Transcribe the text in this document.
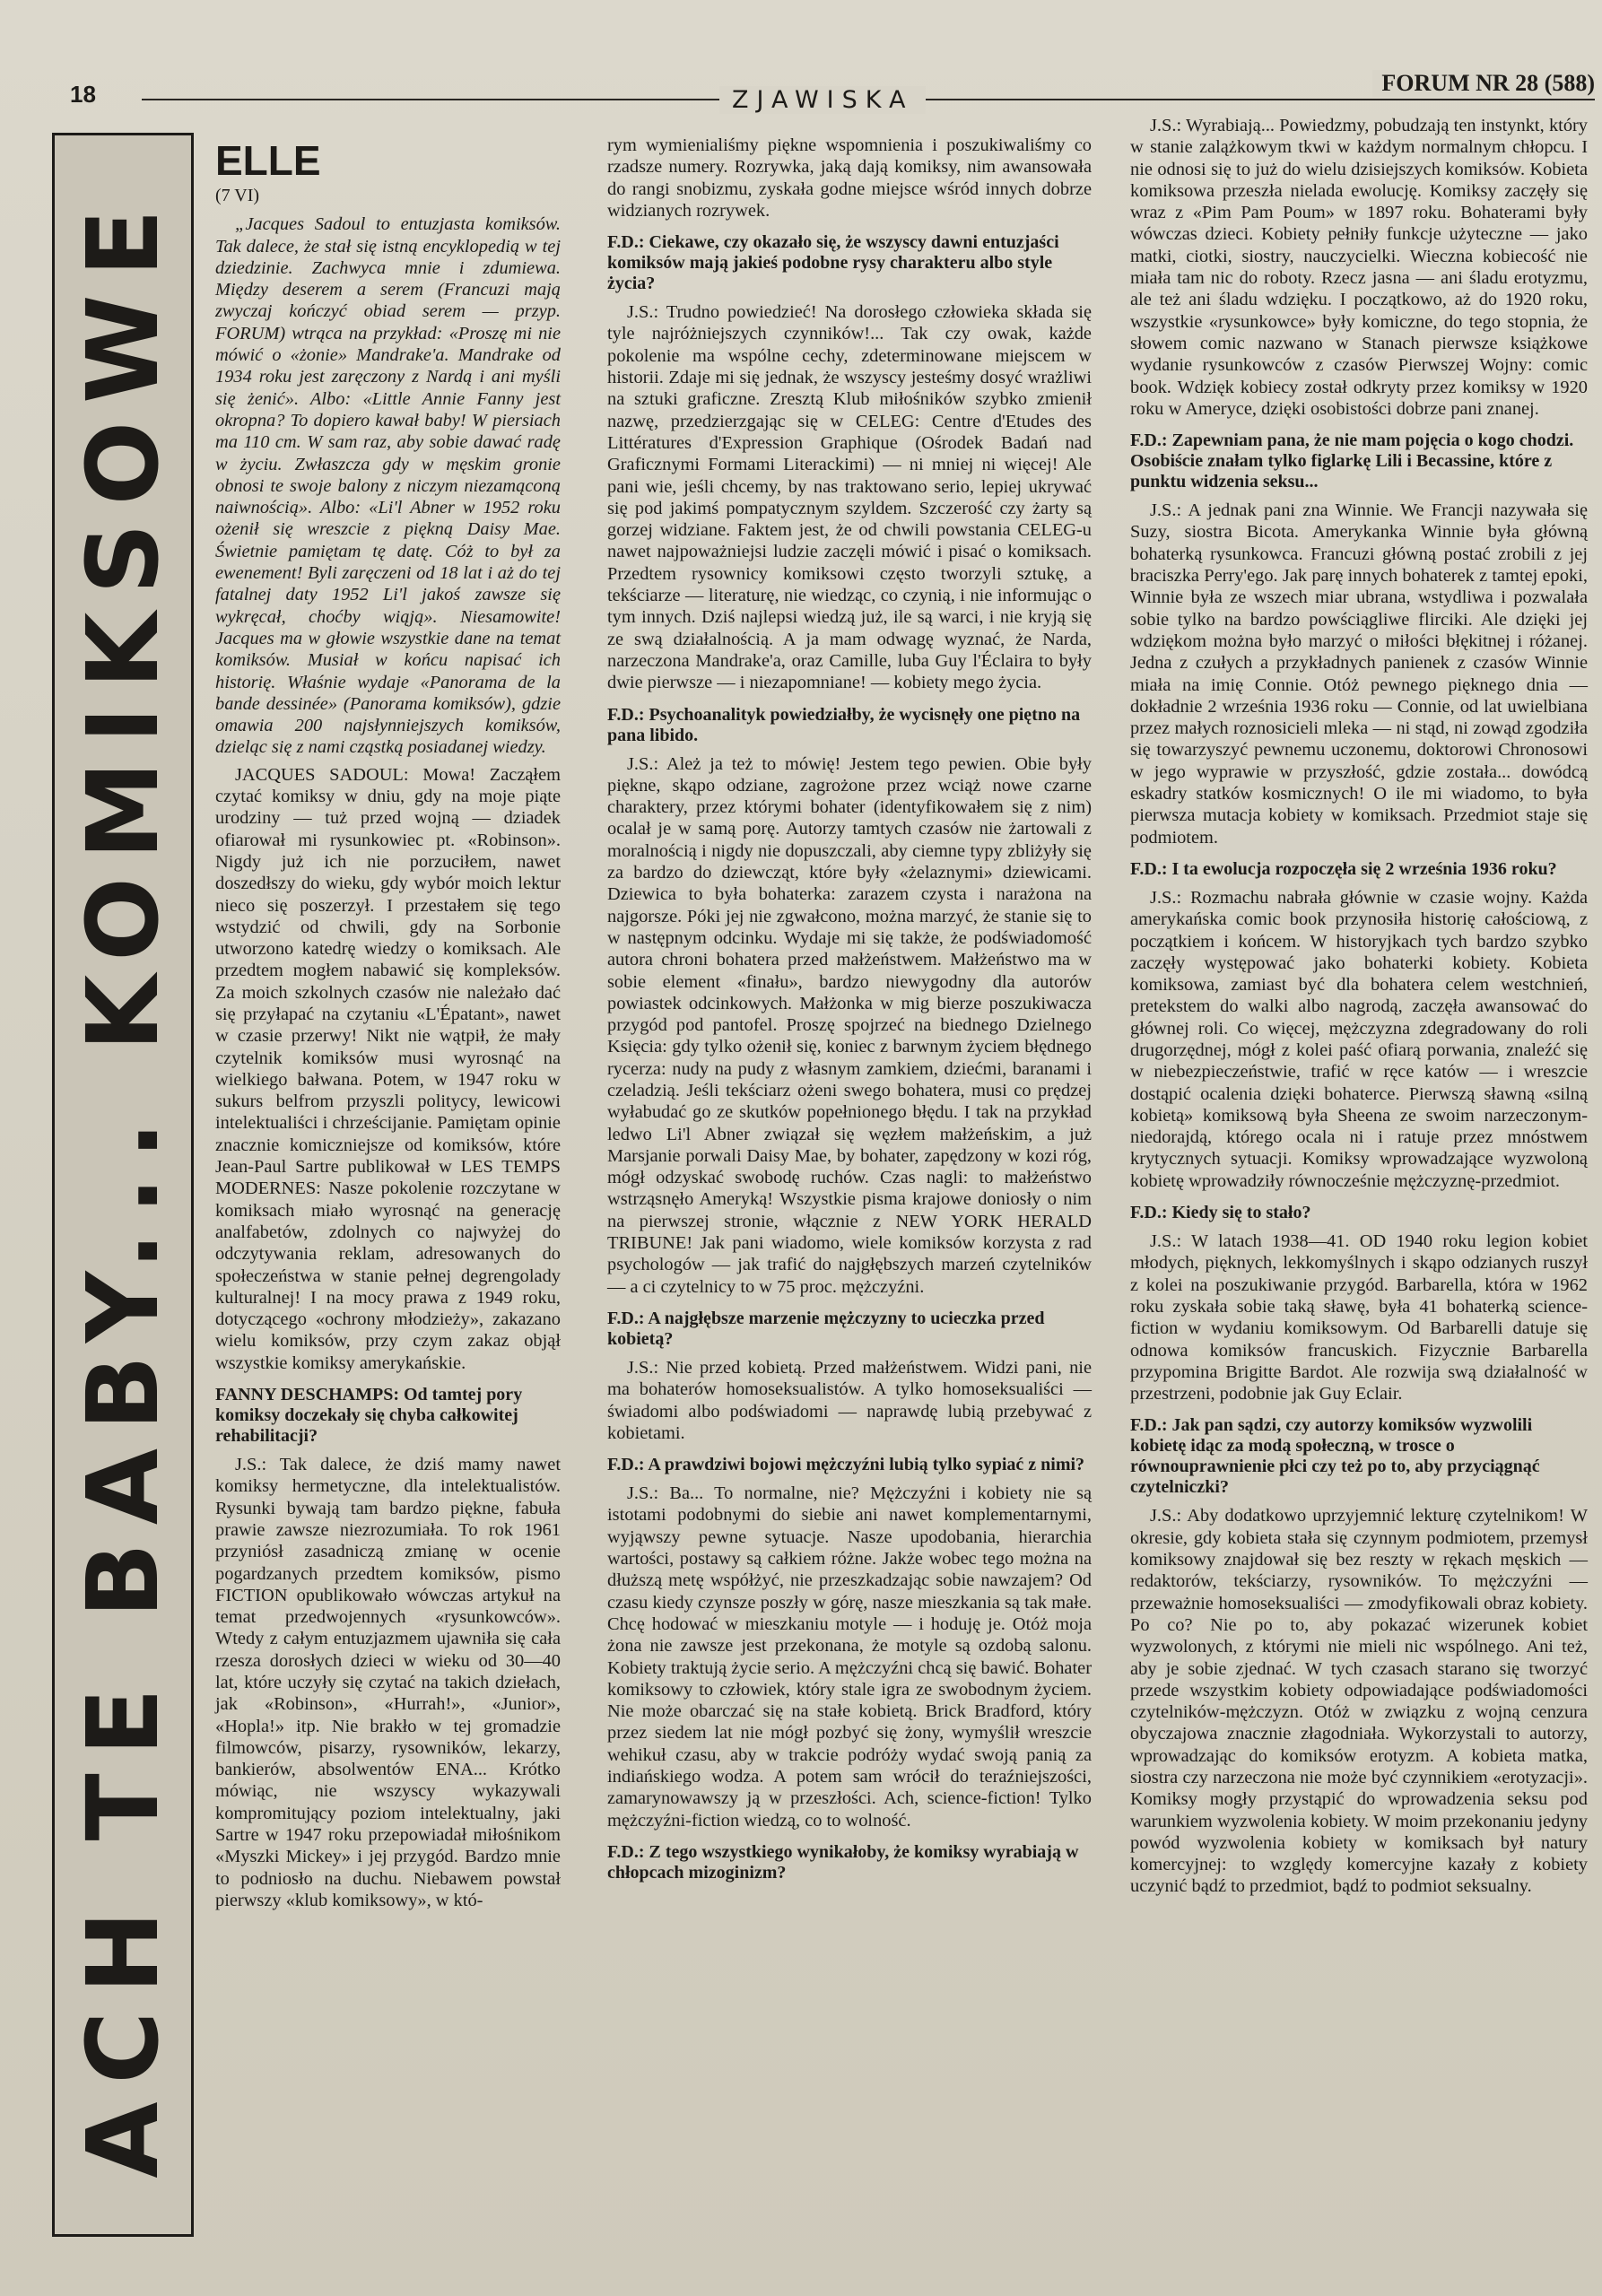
18	ZJAWISKA
FORUM NR 28 (588)
ACH TE BABY... KOMIKSOWE
ELLE
(7 VI)

„Jacques Sadoul to entuzjasta komiksów. Tak dalece, że stał się istną encyklopedią w tej dziedzinie. Zachwyca mnie i zdumiewa. Między deserem a serem (Francuzi mają zwyczaj kończyć obiad serem — przyp. FORUM) wtrąca na przykład: «Proszę mi nie mówić o «żonie» Mandrake'a. Mandrake od 1934 roku jest zaręczony z Nardą i ani myśli się żenić». Albo: «Little Annie Fanny jest okropna? To dopiero kawał baby! W piersiach ma 110 cm. W sam raz, aby sobie dawać radę w życiu. Zwłaszcza gdy w męskim gronie obnosi te swoje balony z niczym niezamąconą naiwnością». Albo: «Li'l Abner w 1952 roku ożenił się wreszcie z piękną Daisy Mae. Świetnie pamiętam tę datę. Cóż to był za ewenement! Byli zaręczeni od 18 lat i aż do tej fatalnej daty 1952 Li'l jakoś zawsze się wykręcał, choćby wiąją». Niesamowite! Jacques ma w głowie wszystkie dane na temat komiksów. Musiał w końcu napisać ich historię. Właśnie wydaje «Panorama de la bande dessinée» (Panorama komiksów), gdzie omawia 200 najsłynniejszych komiksów, dzieląc się z nami cząstką posiadanej wiedzy.

JACQUES SADOUL: Mowa! Zacząłem czytać komiksy w dniu, gdy na moje piąte urodziny — tuż przed wojną — dziadek ofiarował mi rysunkowiec pt. «Robinson». Nigdy już ich nie porzuciłem, nawet doszedłszy do wieku, gdy wybór moich lektur nieco się poszerzył. I przestałem się tego wstydzić od chwili, gdy na Sorbonie utworzono katedrę wiedzy o komiksach. Ale przedtem mogłem nabawić się kompleksów. Za moich szkolnych czasów nie należało dać się przyłapać na czytaniu «L'Épatant», nawet w czasie przerwy! Nikt nie wątpił, że mały czytelnik komiksów musi wyrosnąć na wielkiego bałwana. Potem, w 1947 roku w sukurs belfrom przyszli politycy, lewicowi intelektualiści i chrześcijanie. Pamiętam opinie znacznie komiczniejsze od komiksów, które Jean-Paul Sartre publikował w LES TEMPS MODERNES: Nasze pokolenie rozczytane w komiksach miało wyrosnąć na generację analfabetów, zdolnych co najwyżej do odczytywania reklam, adresowanych do społeczeństwa w stanie pełnej degrengolady kulturalnej! I na mocy prawa z 1949 roku, dotyczącego «ochrony młodzieży», zakazano wielu komiksów, przy czym zakaz objął wszystkie komiksy amerykańskie.

FANNY DESCHAMPS: Od tamtej pory komiksy doczekały się chyba całkowitej rehabilitacji?

J.S.: Tak dalece, że dziś mamy nawet komiksy hermetyczne, dla intelektualistów. Rysunki bywają tam bardzo piękne, fabuła prawie zawsze niezrozumiała. To rok 1961 przyniósł zasadniczą zmianę w ocenie pogardzanych przedtem komiksów, pismo FICTION opublikowało wówczas artykuł na temat przedwojennych «rysunkowców». Wtedy z całym entuzjazmem ujawniła się cała rzesza dorosłych dzieci w wieku od 30—40 lat, które uczyły się czytać na takich dziełach, jak «Robinson», «Hurrah!», «Junior», «Hopla!» itp. Nie brakło w tej gromadzie filmowców, pisarzy, rysowników, lekarzy, bankierów, absolwentów ENA... Krótko mówiąc, nie wszyscy wykazywali kompromitujący poziom intelektualny, jaki Sartre w 1947 roku przepowiadał miłośnikom «Myszki Mickey» i jej przygód. Bardzo mnie to podniosło na duchu. Niebawem powstał pierwszy «klub komiksowy», w któ-

rym wymienialiśmy piękne wspomnienia i poszukiwaliśmy co rzadsze numery. Rozrywka, jaką dają komiksy, nim awansowała do rangi snobizmu, zyskała godne miejsce wśród innych dobrze widzianych rozrywek.

F.D.: Ciekawe, czy okazało się, że wszyscy dawni entuzjaści komiksów mają jakieś podobne rysy charakteru albo style życia?

J.S.: Trudno powiedzieć! Na dorosłego człowieka składa się tyle najróżniejszych czynników!... Tak czy owak, każde pokolenie ma wspólne cechy, zdeterminowane miejscem w historii. Zdaje mi się jednak, że wszyscy jesteśmy dosyć wrażliwi na sztuki graficzne. Zresztą Klub miłośników szybko zmienił nazwę, przedzierzgając się w CELEG: Centre d'Etudes des Littératures d'Expression Graphique (Ośrodek Badań nad Graficznymi Formami Literackimi) — ni mniej ni więcej! Ale pani wie, jeśli chcemy, by nas traktowano serio, lepiej ukrywać się pod jakimś pompatycznym szyldem. Szczerość czy żarty są gorzej widziane. Faktem jest, że od chwili powstania CELEG-u nawet najpoważniejsi ludzie zaczęli mówić i pisać o komiksach. Przedtem rysownicy komiksowi często tworzyli sztukę, a tekściarze — literaturę, nie wiedząc, co czynią, i nie informując o tym innych. Dziś najlepsi wiedzą już, ile są warci, i nie kryją się ze swą działalnością. A ja mam odwagę wyznać, że Narda, narzeczona Mandrake'a, oraz Camille, luba Guy l'Éclaira to były dwie pierwsze — i niezapomniane! — kobiety mego życia.

F.D.: Psychoanalityk powiedziałby, że wycisnęły one piętno na pana libido.

J.S.: Ależ ja też to mówię! Jestem tego pewien. Obie były piękne, skąpo odziane, zagrożone przez wciąż nowe czarne charaktery, przez którymi bohater (identyfikowałem się z nim) ocalał je w samą porę. Autorzy tamtych czasów nie żartowali z moralnością i nigdy nie dopuszczali, aby ciemne typy zbliżyły się za bardzo do dziewcząt, które były «żelaznymi» dziewicami. Dziewica to była bohaterka: zarazem czysta i narażona na najgorsze. Póki jej nie zgwałcono, można marzyć, że stanie się to w następnym odcinku. Wydaje mi się także, że podświadomość autora chroni bohatera przed małżeństwem. Małżeństwo ma w sobie element «finału», bardzo niewygodny dla autorów powiastek odcinkowych. Małżonka w mig bierze poszukiwacza przygód pod pantofel. Proszę spojrzeć na biednego Dzielnego Księcia: gdy tylko ożenił się, koniec z barwnym życiem błędnego rycerza: nudy na pudy z własnym zamkiem, dziećmi, baranami i czeladzią. Jeśli tekściarz ożeni swego bohatera, musi co prędzej wyłabudać go ze skutków popełnionego błędu. I tak na przykład ledwo Li'l Abner związał się węzłem małżeńskim, a już Marsjanie porwali Daisy Mae, by bohater, zapędzony w kozi róg, mógł odzyskać swobodę ruchów. Czas nagli: to małżeństwo wstrząsnęło Ameryką! Wszystkie pisma krajowe doniosły o nim na pierwszej stronie, włącznie z NEW YORK HERALD TRIBUNE! Jak pani wiadomo, wiele komiksów korzysta z rad psychologów — jak trafić do najgłębszych marzeń czytelników — a ci czytelnicy to w 75 proc. mężczyźni.

F.D.: A najgłębsze marzenie mężczyzny to ucieczka przed kobietą?

J.S.: Nie przed kobietą. Przed małżeństwem. Widzi pani, nie ma bohaterów homoseksualistów. A tylko homoseksualiści — świadomi albo podświadomi — naprawdę lubią przebywać z kobietami.

F.D.: A prawdziwi bojowi mężczyźni lubią tylko sypiać z nimi?

J.S.: Ba... To normalne, nie? Mężczyźni i kobiety nie są istotami podobnymi do siebie ani nawet komplementarnymi, wyjąwszy pewne sytuacje. Nasze upodobania, hierarchia wartości, postawy są całkiem różne. Jakże wobec tego można na dłuższą metę współżyć, nie przeszkadzając sobie nawzajem? Od czasu kiedy czynsze poszły w górę, nasze mieszkania są tak małe. Chcę hodować w mieszkaniu motyle — i hoduję je. Otóż moja żona nie zawsze jest przekonana, że motyle są ozdobą salonu. Kobiety traktują życie serio. A mężczyźni chcą się bawić. Bohater komiksowy to człowiek, który stale igra ze swobodnym życiem. Nie może obarczać się na stałe kobietą. Brick Bradford, który przez siedem lat nie mógł pozbyć się żony, wymyślił wreszcie wehikuł czasu, aby w trakcie podróży wydać swoją panią za indiańskiego wodza. A potem sam wrócił do teraźniejszości, zamarynowawszy ją w przeszłości. Ach, science-fiction! Tylko mężczyźni-fiction wiedzą, co to wolność.

F.D.: Z tego wszystkiego wynikałoby, że komiksy wyrabiają w chłopcach mizoginizm?

J.S.: Wyrabiają... Powiedzmy, pobudzają ten instynkt, który w stanie zalążkowym tkwi w każdym normalnym chłopcu. I nie odnosi się to już do wielu dzisiejszych komiksów. Kobieta komiksowa przeszła nielada ewolucję. Komiksy zaczęły się wraz z «Pim Pam Poum» w 1897 roku. Bohaterami były wówczas dzieci. Kobiety pełniły funkcje użyteczne — jako matki, ciotki, siostry, nauczycielki. Wieczna kobiecość nie miała tam nic do roboty. Rzecz jasna — ani śladu erotyzmu, ale też ani śladu wdzięku. I początkowo, aż do 1920 roku, wszystkie «rysunkowce» były komiczne, do tego stopnia, że słowem comic nazwano w Stanach pierwsze książkowe wydanie rysunkowców z czasów Pierwszej Wojny: comic book. Wdzięk kobiecy został odkryty przez komiksy w 1920 roku w Ameryce, dzięki osobistości dobrze pani znanej.

F.D.: Zapewniam pana, że nie mam pojęcia o kogo chodzi. Osobiście znałam tylko figlarkę Lili i Becassine, które z punktu widzenia seksu...

J.S.: A jednak pani zna Winnie. We Francji nazywała się Suzy, siostra Bicota. Amerykanka Winnie była główną bohaterką rysunkowca. Francuzi główną postać zrobili z jej braciszka Perry'ego. Jak parę innych bohaterek z tamtej epoki, Winnie była ze wszech miar ubrana, wstydliwa i pozwalała sobie tylko na bardzo powściągliwe flirciki. Ale dzięki jej wdziękom można było marzyć o miłości błękitnej i różanej. Jedna z czułych a przykładnych panienek z czasów Winnie miała na imię Connie. Otóż pewnego pięknego dnia — dokładnie 2 września 1936 roku — Connie, od lat uwielbiana przez małych roznosicieli mleka — ni stąd, ni zowąd zgodziła się towarzyszyć pewnemu uczonemu, doktorowi Chronosowi w jego wyprawie w przyszłość, gdzie została... dowódcą eskadry statków kosmicznych! O ile mi wiadomo, to była pierwsza mutacja kobiety w komiksach. Przedmiot staje się podmiotem.

F.D.: I ta ewolucja rozpoczęła się 2 września 1936 roku?

J.S.: Rozmachu nabrała głównie w czasie wojny. Każda amerykańska comic book przynosiła historię całościową, z początkiem i końcem. W historyjkach tych bardzo szybko zaczęły występować jako bohaterki kobiety. Kobieta komiksowa, zamiast być dla bohatera celem westchnień, pretekstem do walki albo nagrodą, zaczęła awansować do głównej roli. Co więcej, mężczyzna zdegradowany do roli drugorzędnej, mógł z kolei paść ofiarą porwania, znaleźć się w niebezpieczeństwie, trafić w ręce katów — i wreszcie dostąpić ocalenia dzięki bohaterce. Pierwszą sławną «silną kobietą» komiksową była Sheena ze swoim narzeczonym-niedorajdą, którego ocala ni i ratuje przez mnóstwem krytycznych sytuacji. Komiksy wprowadzające wyzwoloną kobietę wprowadziły równocześnie mężczyznę-przedmiot.

F.D.: Kiedy się to stało?

J.S.: W latach 1938—41. OD 1940 roku legion kobiet młodych, pięknych, lekkomyślnych i skąpo odzianych ruszył z kolei na poszukiwanie przygód. Barbarella, która w 1962 roku zyskała sobie taką sławę, była 41 bohaterką science-fiction w wydaniu komiksowym. Od Barbarelli datuje się odnowa komiksów francuskich. Fizycznie Barbarella przypomina Brigitte Bardot. Ale rozwija swą działalność w przestrzeni, podobnie jak Guy Eclair.

F.D.: Jak pan sądzi, czy autorzy komiksów wyzwolili kobietę idąc za modą społeczną, w trosce o równouprawnienie płci czy też po to, aby przyciągnąć czytelniczki?

J.S.: Aby dodatkowo uprzyjemnić lekturę czytelnikom! W okresie, gdy kobieta stała się czynnym podmiotem, przemysł komiksowy znajdował się bez reszty w rękach męskich — redaktorów, tekściarzy, rysowników. To mężczyźni — przeważnie homoseksualiści — zmodyfikowali obraz kobiety. Po co? Nie po to, aby pokazać wizerunek kobiet wyzwolonych, z którymi nie mieli nic wspólnego. Ani też, aby je sobie zjednać. W tych czasach starano się tworzyć przede wszystkim kobiety odpowiadające podświadomości czytelników-mężczyzn. Otóż w związku z wojną cenzura obyczajowa znacznie złagodniała. Wykorzystali to autorzy, wprowadzając do komiksów erotyzm. A kobieta matka, siostra czy narzeczona nie może być czynnikiem «erotyzacji». Komiksy mogły przystąpić do wprowadzenia seksu pod warunkiem wyzwolenia kobiety. W moim przekonaniu jedyny powód wyzwolenia kobiety w komiksach był natury komercyjnej: to względy komercyjne kazały z kobiety uczynić bądź to przedmiot, bądź to podmiot seksualny.
